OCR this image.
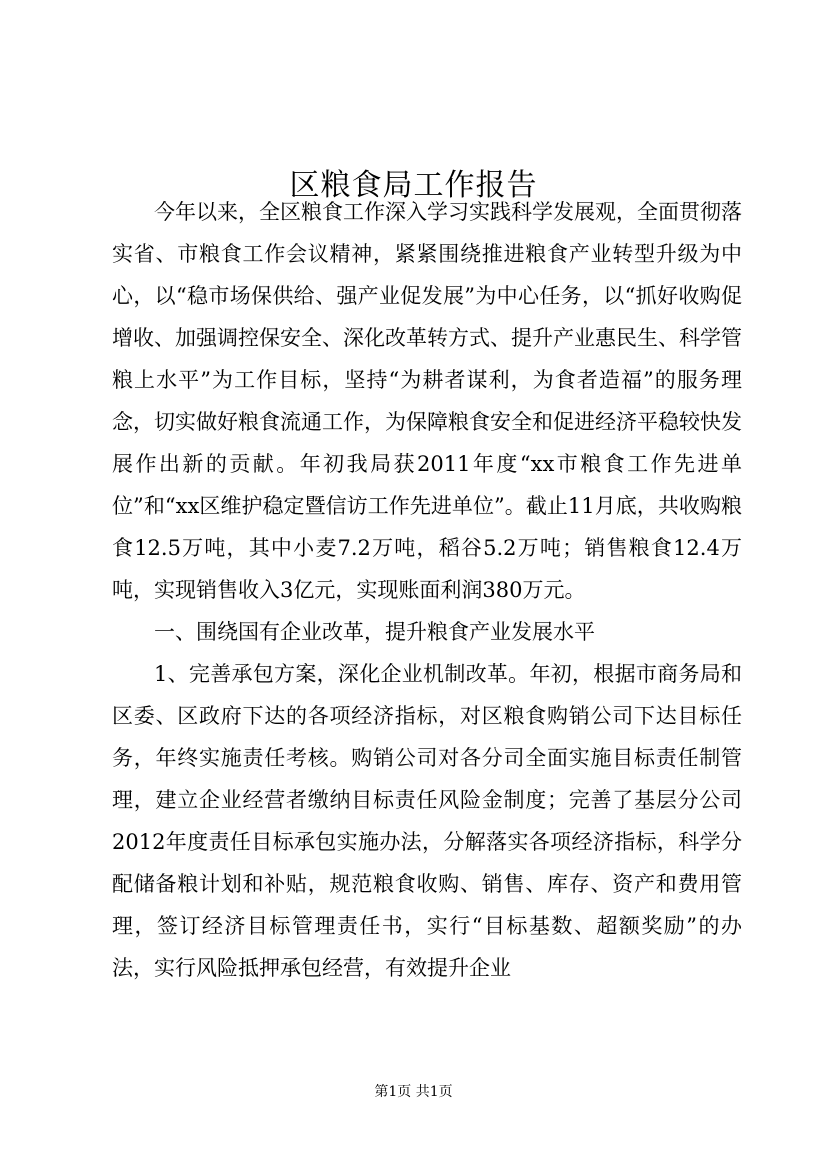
区粮食局工作报告

今年以来，全区粮食工作深入学习实践科学发展观，全面贯彻落实省、市粮食工作会议精神，紧紧围绕推进粮食产业转型升级为中心，以“稳市场保供给、强产业促发展”为中心任务，以“抓好收购促增收、加强调控保安全、深化改革转方式、提升产业惠民生、科学管粮上水平”为工作目标，坚持“为耕者谋利，为食者造福”的服务理念，切实做好粮食流通工作，为保障粮食安全和促进经济平稳较快发展作出新的贡献。年初我局获2011年度“xx市粮食工作先进单位”和“xx区维护稳定暨信访工作先进单位”。截止11月底，共收购粮食12.5万吨，其中小麦7.2万吨，稻谷5.2万吨；销售粮食12.4万吨，实现销售收入3亿元，实现账面利润380万元。

一、围绕国有企业改革，提升粮食产业发展水平

1、完善承包方案，深化企业机制改革。年初，根据市商务局和区委、区政府下达的各项经济指标，对区粮食购销公司下达目标任务，年终实施责任考核。购销公司对各分司全面实施目标责任制管理，建立企业经营者缴纳目标责任风险金制度；完善了基层分公司2012年度责任目标承包实施办法，分解落实各项经济指标，科学分配储备粮计划和补贴，规范粮食收购、销售、库存、资产和费用管理，签订经济目标管理责任书，实行“目标基数、超额奖励”的办法，实行风险抵押承包经营，有效提升企业

第1页 共1页
